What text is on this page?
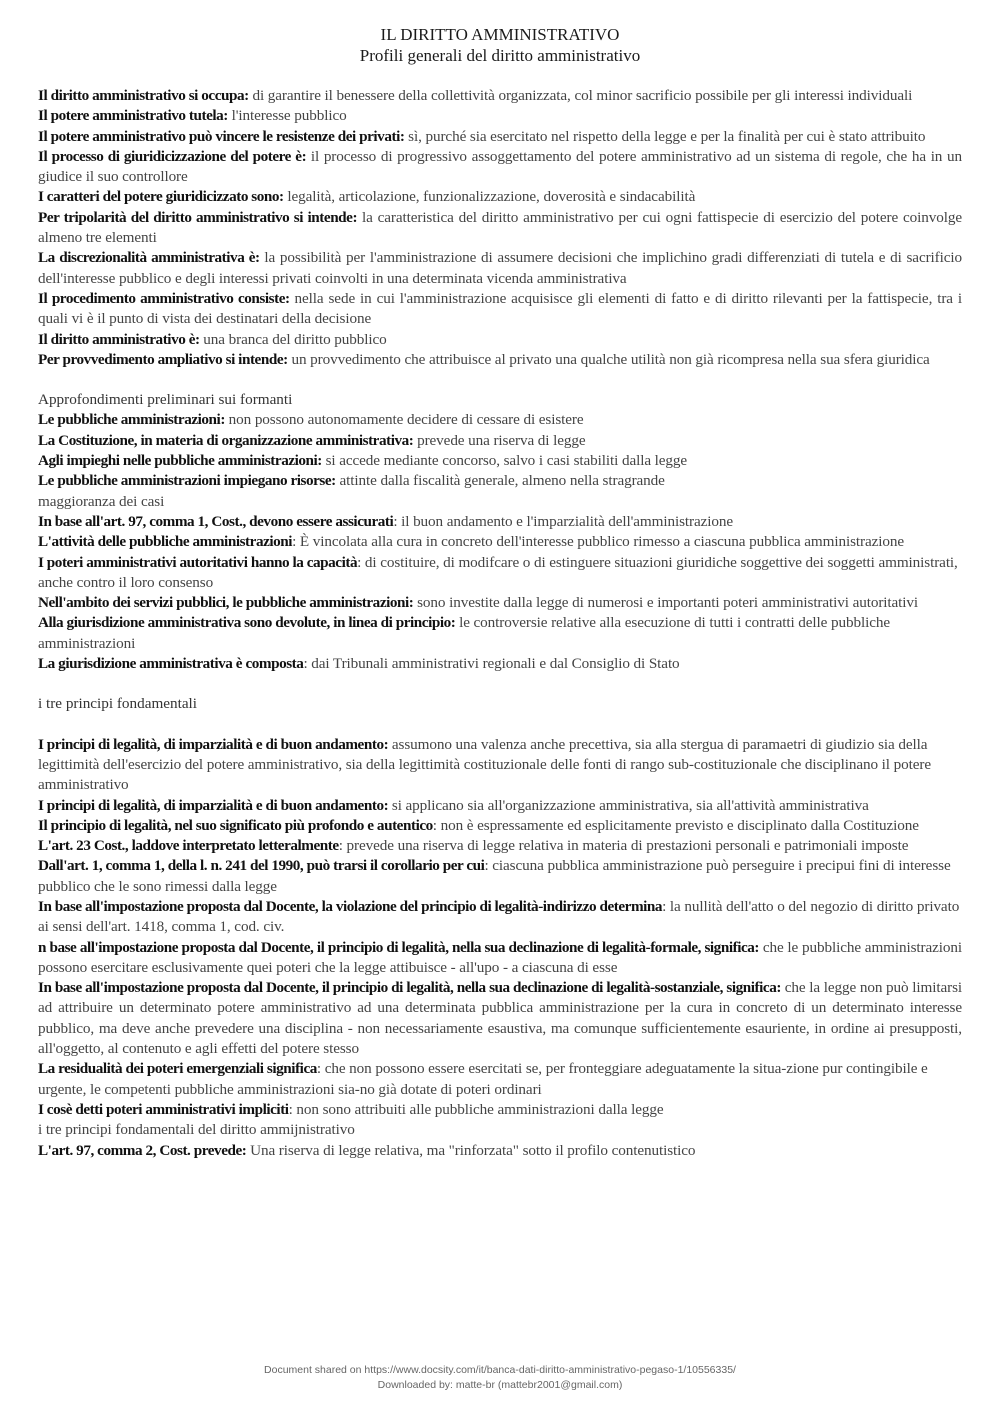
IL DIRITTO AMMINISTRATIVO
Profili generali del diritto amministrativo

Il diritto amministrativo si occupa: di garantire il benessere della collettività organizzata, col minor sacrificio possibile per gli interessi individuali

Il potere amministrativo tutela: l'interesse pubblico

Il potere amministrativo può vincere le resistenze dei privati: sì, purché sia esercitato nel rispetto della legge e per la finalità per cui è stato attribuito

Il processo di giuridicizzazione del potere è: il processo di progressivo assoggettamento del potere amministrativo ad un sistema di regole, che ha in un giudice il suo controllore

I caratteri del potere giuridicizzato sono: legalità, articolazione, funzionalizzazione, doverosità e sindacabilità

Per tripolarità del diritto amministrativo si intende: la caratteristica del diritto amministrativo per cui ogni fattispecie di esercizio del potere coinvolge almeno tre elementi

La discrezionalità amministrativa è: la possibilità per l'amministrazione di assumere decisioni che implichino gradi differenziati di tutela e di sacrificio dell'interesse pubblico e degli interessi privati coinvolti in una determinata vicenda amministrativa

Il procedimento amministrativo consiste: nella sede in cui l'amministrazione acquisisce gli elementi di fatto e di diritto rilevanti per la fattispecie, tra i quali vi è il punto di vista dei destinatari della decisione

Il diritto amministrativo è: una branca del diritto pubblico

Per provvedimento ampliativo si intende: un provvedimento che attribuisce al privato una qualche utilità non già ricompresa nella sua sfera giuridica

Approfondimenti preliminari sui formanti

Le pubbliche amministrazioni: non possono autonomamente decidere di cessare di esistere

La Costituzione, in materia di organizzazione amministrativa: prevede una riserva di legge

Agli impieghi nelle pubbliche amministrazioni: si accede mediante concorso, salvo i casi stabiliti dalla legge

Le pubbliche amministrazioni impiegano risorse: attinte dalla fiscalità generale, almeno nella stragrande
maggioranza dei casi

In base all'art. 97, comma 1, Cost., devono essere assicurati: il buon andamento e l'imparzialità dell'amministrazione

L'attività delle pubbliche amministrazioni: È vincolata alla cura in concreto dell'interesse pubblico rimesso a ciascuna pubblica amministrazione

I poteri amministrativi autoritativi hanno la capacità: di costituire, di modifcare o di estinguere situazioni giuridiche soggettive dei soggetti amministrati, anche contro il loro consenso

Nell'ambito dei servizi pubblici, le pubbliche amministrazioni: sono investite dalla legge di numerosi e importanti poteri amministrativi autoritativi

Alla giurisdizione amministrativa sono devolute, in linea di principio: le controversie relative alla esecuzione di tutti i contratti delle pubbliche amministrazioni

La giurisdizione amministrativa è composta: dai Tribunali amministrativi regionali e dal Consiglio di Stato

i tre principi fondamentali

I principi di legalità, di imparzialità e di buon andamento: assumono una valenza anche precettiva, sia alla stergua di paramaetri di giudizio sia della legittimità dell'esercizio del potere amministrativo, sia della legittimità costituzionale delle fonti di rango sub-costituzionale che disciplinano il potere amministrativo

I principi di legalità, di imparzialità e di buon andamento: si applicano sia all'organizzazione amministrativa, sia all'attività amministrativa

Il principio di legalità, nel suo significato più profondo e autentico: non è espressamente ed esplicitamente previsto e disciplinato dalla Costituzione

L'art. 23 Cost., laddove interpretato letteralmente: prevede una riserva di legge relativa in materia di prestazioni personali e patrimoniali imposte

Dall'art. 1, comma 1, della l. n. 241 del 1990, può trarsi il corollario per cui: ciascuna pubblica amministrazione può perseguire i precipui fini di interesse pubblico che le sono rimessi dalla legge

In base all'impostazione proposta dal Docente, la violazione del principio di legalità-indirizzo determina: la nullità dell'atto o del negozio di diritto privato ai sensi dell'art. 1418, comma 1, cod. civ.

n base all'impostazione proposta dal Docente, il principio di legalità, nella sua declinazione di legalità-formale, significa: che le pubbliche amministrazioni possono esercitare esclusivamente quei poteri che la legge attibuisce - all'upo - a ciascuna di esse

In base all'impostazione proposta dal Docente, il principio di legalità, nella sua declinazione di legalità-sostanziale, significa: che la legge non può limitarsi ad attribuire un determinato potere amministrativo ad una determinata pubblica amministrazione per la cura in concreto di un determinato interesse pubblico, ma deve anche prevedere una disciplina - non necessariamente esaustiva, ma comunque sufficientemente esauriente, in ordine ai presupposti, all'oggetto, al contenuto e agli effetti del potere stesso

La residualità dei poteri emergenziali significa: che non possono essere esercitati se, per fronteggiare adeguatamente la situa-zione pur contingibile e urgente, le competenti pubbliche amministrazioni sia-no già dotate di poteri ordinari

I cosè detti poteri amministrativi impliciti: non sono attribuiti alle pubbliche amministrazioni dalla legge

i tre principi fondamentali del diritto ammijnistrativo

L'art. 97, comma 2, Cost. prevede: Una riserva di legge relativa, ma "rinforzata" sotto il profilo contenutistico

Document shared on https://www.docsity.com/it/banca-dati-diritto-amministrativo-pegaso-1/10556335/
Downloaded by: matte-br (mattebr2001@gmail.com)
